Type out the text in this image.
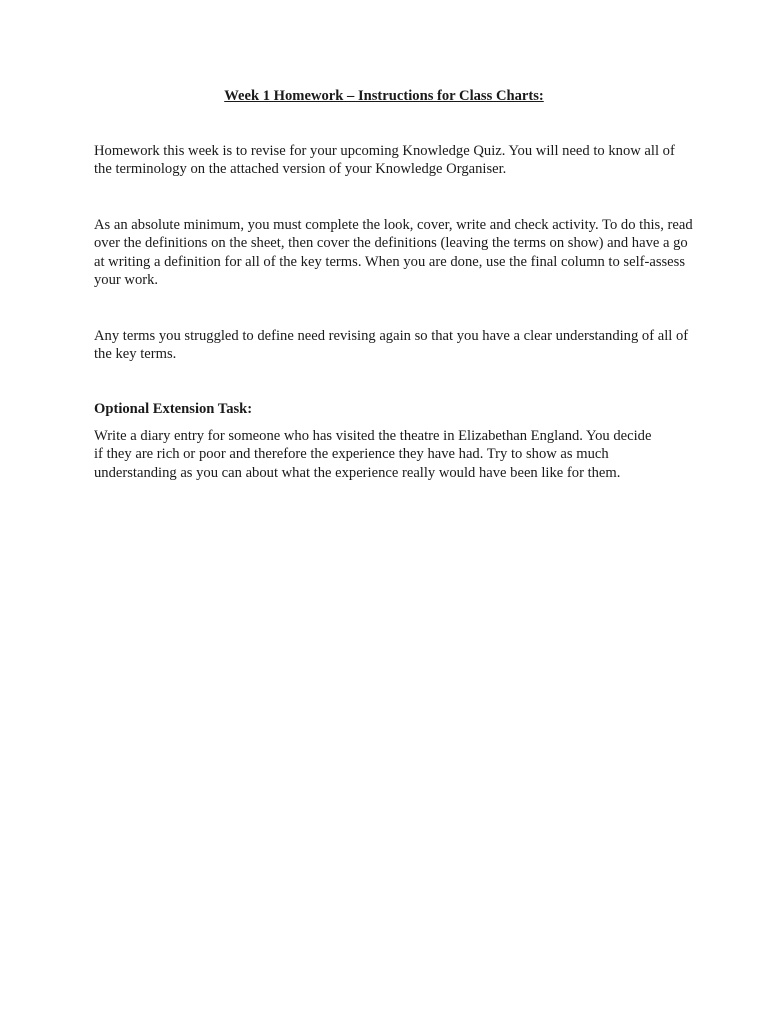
Week 1 Homework – Instructions for Class Charts:

Homework this week is to revise for your upcoming Knowledge Quiz. You will need to know all of the terminology on the attached version of your Knowledge Organiser.

As an absolute minimum, you must complete the look, cover, write and check activity. To do this, read over the definitions on the sheet, then cover the definitions (leaving the terms on show) and have a go at writing a definition for all of the key terms. When you are done, use the final column to self-assess your work.

Any terms you struggled to define need revising again so that you have a clear understanding of all of the key terms.

Optional Extension Task:

Write a diary entry for someone who has visited the theatre in Elizabethan England. You decide if they are rich or poor and therefore the experience they have had. Try to show as much understanding as you can about what the experience really would have been like for them.
